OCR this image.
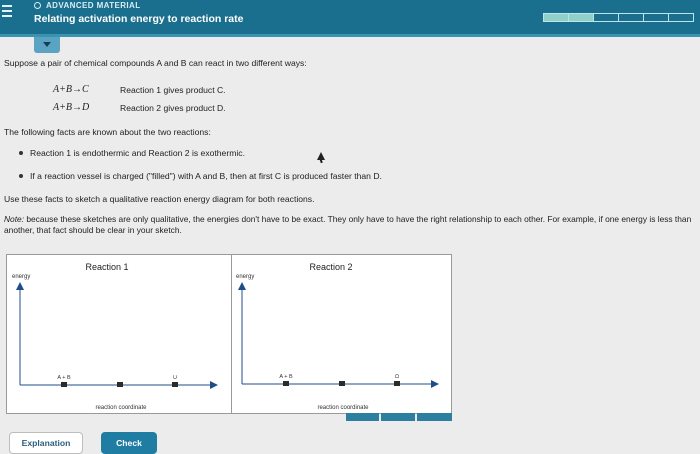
ADVANCED MATERIAL
Relating activation energy to reaction rate
Suppose a pair of chemical compounds A and B can react in two different ways:
A+B→C	Reaction 1 gives product C.
A+B→D	Reaction 2 gives product D.
The following facts are known about the two reactions:
Reaction 1 is endothermic and Reaction 2 is exothermic.
If a reaction vessel is charged ("filled") with A and B, then at first C is produced faster than D.
Use these facts to sketch a qualitative reaction energy diagram for both reactions.
Note: because these sketches are only qualitative, the energies don't have to be exact. They only have to have the right relationship to each other. For example, if one energy is less than another, that fact should be clear in your sketch.
Reaction 1
energy
A + B	C
reaction coordinate
Reaction 2
energy
A + B	D
reaction coordinate
Explanation	Check
